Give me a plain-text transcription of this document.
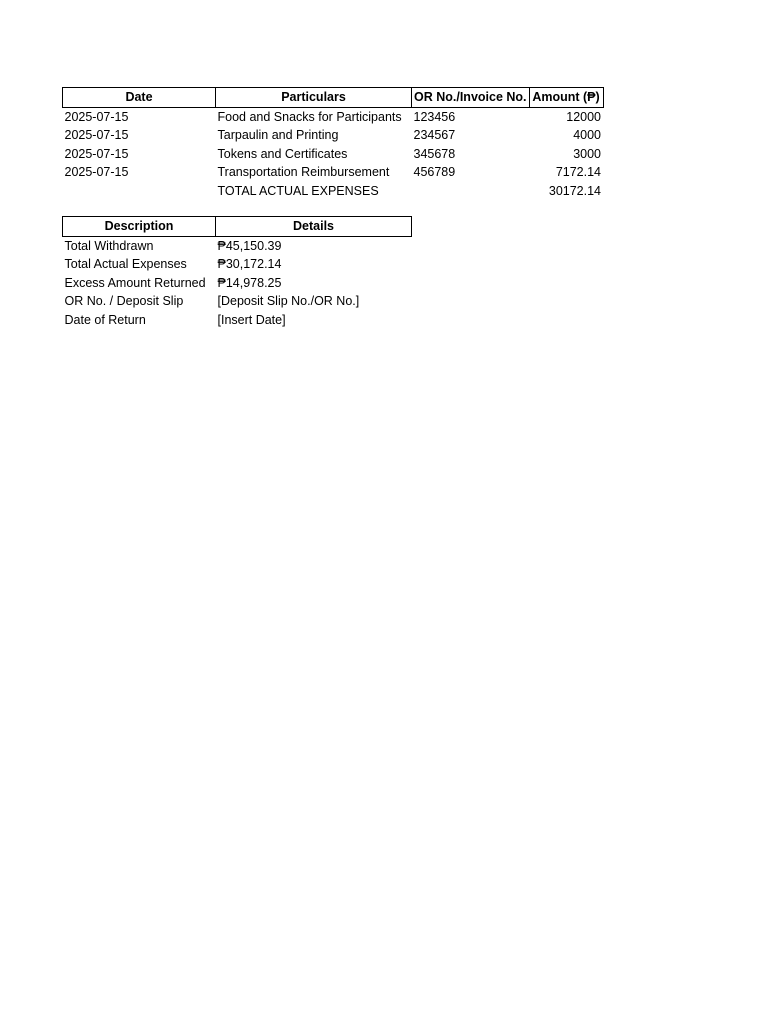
Date	Particulars	OR No./Invoice No.	Amount (₱)
2025-07-15	Food and Snacks for Participants	123456	12000
2025-07-15	Tarpaulin and Printing	234567	4000
2025-07-15	Tokens and Certificates	345678	3000
2025-07-15	Transportation Reimbursement	456789	7172.14
	TOTAL ACTUAL EXPENSES		30172.14
Description	Details
Total Withdrawn	₱45,150.39
Total Actual Expenses	₱30,172.14
Excess Amount Returned	₱14,978.25
OR No. / Deposit Slip	[Deposit Slip No./OR No.]
Date of Return	[Insert Date]
